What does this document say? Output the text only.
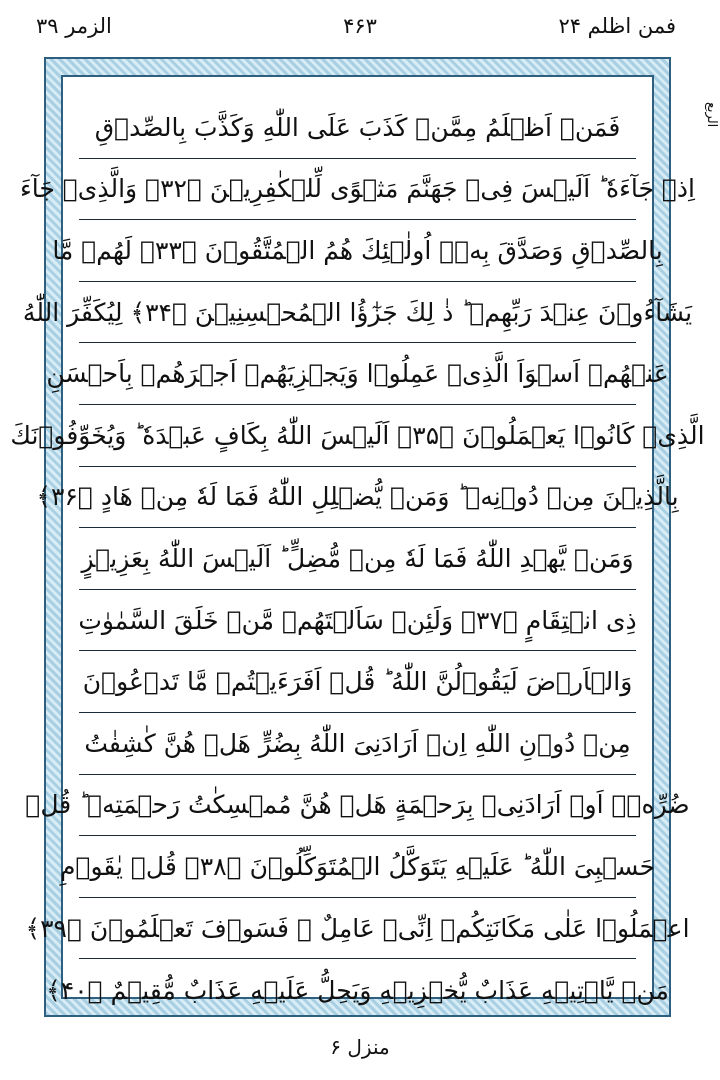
فمن اظلم ۲۴
۴۶۳
الزمر ۳۹
الربع
فَمَنۡ اَظۡلَمُ مِمَّنۡ كَذَبَ عَلَى اللّٰهِ وَكَذَّبَ بِالصِّدۡقِ
اِذۡ جَآءَهٗ ؕ اَلَيۡسَ فِىۡ جَهَنَّمَ مَثۡوًى لِّلۡكٰفِرِيۡنَ ﴿۳۲﴾ وَالَّذِىۡ جَآءَ
بِالصِّدۡقِ وَصَدَّقَ بِهٖۤ اُولٰۤئِكَ هُمُ الۡمُتَّقُوۡنَ ﴿۳۳﴾ لَهُمۡ مَّا
يَشَآءُوۡنَ عِنۡدَ رَبِّهِمۡ ؕ ذٰ لِكَ جَزٰٓؤُا الۡمُحۡسِنِيۡنَ ﴿۳۴﴾ لِيُكَفِّرَ اللّٰهُ
عَنۡهُمۡ اَسۡوَاَ الَّذِىۡ عَمِلُوۡا وَيَجۡزِيَهُمۡ اَجۡرَهُمۡ بِاَحۡسَنِ
الَّذِىۡ كَانُوۡا يَعۡمَلُوۡنَ ﴿۳۵﴾ اَلَيۡسَ اللّٰهُ بِكَافٍ عَبۡدَهٗ ؕ وَيُخَوِّفُوۡنَكَ
بِالَّذِيۡنَ مِنۡ دُوۡنِهٖ ؕ وَمَنۡ يُّضۡلِلِ اللّٰهُ فَمَا لَهٗ مِنۡ هَادٍ ﴿۳۶﴾
وَمَنۡ يَّهۡدِ اللّٰهُ فَمَا لَهٗ مِنۡ مُّضِلٍّ ؕ اَلَيۡسَ اللّٰهُ بِعَزِيۡزٍ
ذِى انۡتِقَامٍ ﴿۳۷﴾ وَلَئِنۡ سَاَلۡتَهُمۡ مَّنۡ خَلَقَ السَّمٰوٰتِ
وَالۡاَرۡضَ لَيَقُوۡلُنَّ اللّٰهُ ؕ قُلۡ اَفَرَءَيۡتُمۡ مَّا تَدۡعُوۡنَ
مِنۡ دُوۡنِ اللّٰهِ اِنۡ اَرَادَنِىَ اللّٰهُ بِضُرٍّ هَلۡ هُنَّ كٰشِفٰتُ
ضُرِّهٖۤ اَوۡ اَرَادَنِىۡ بِرَحۡمَةٍ هَلۡ هُنَّ مُمۡسِكٰتُ رَحۡمَتِهٖ ؕ قُلۡ
حَسۡبِىَ اللّٰهُ ؕ عَلَيۡهِ يَتَوَكَّلُ الۡمُتَوَكِّلُوۡنَ ﴿۳۸﴾ قُلۡ يٰقَوۡمِ
اعۡمَلُوۡا عَلٰى مَكَانَتِكُمۡ اِنِّىۡ عَامِلٌ ۚ فَسَوۡفَ تَعۡلَمُوۡنَ ﴿۳۹﴾
مَنۡ يَّاۡتِيۡهِ عَذَابٌ يُّخۡزِيۡهِ وَيَحِلُّ عَلَيۡهِ عَذَابٌ مُّقِيۡمٌ ﴿۴۰﴾
منزل ۶
